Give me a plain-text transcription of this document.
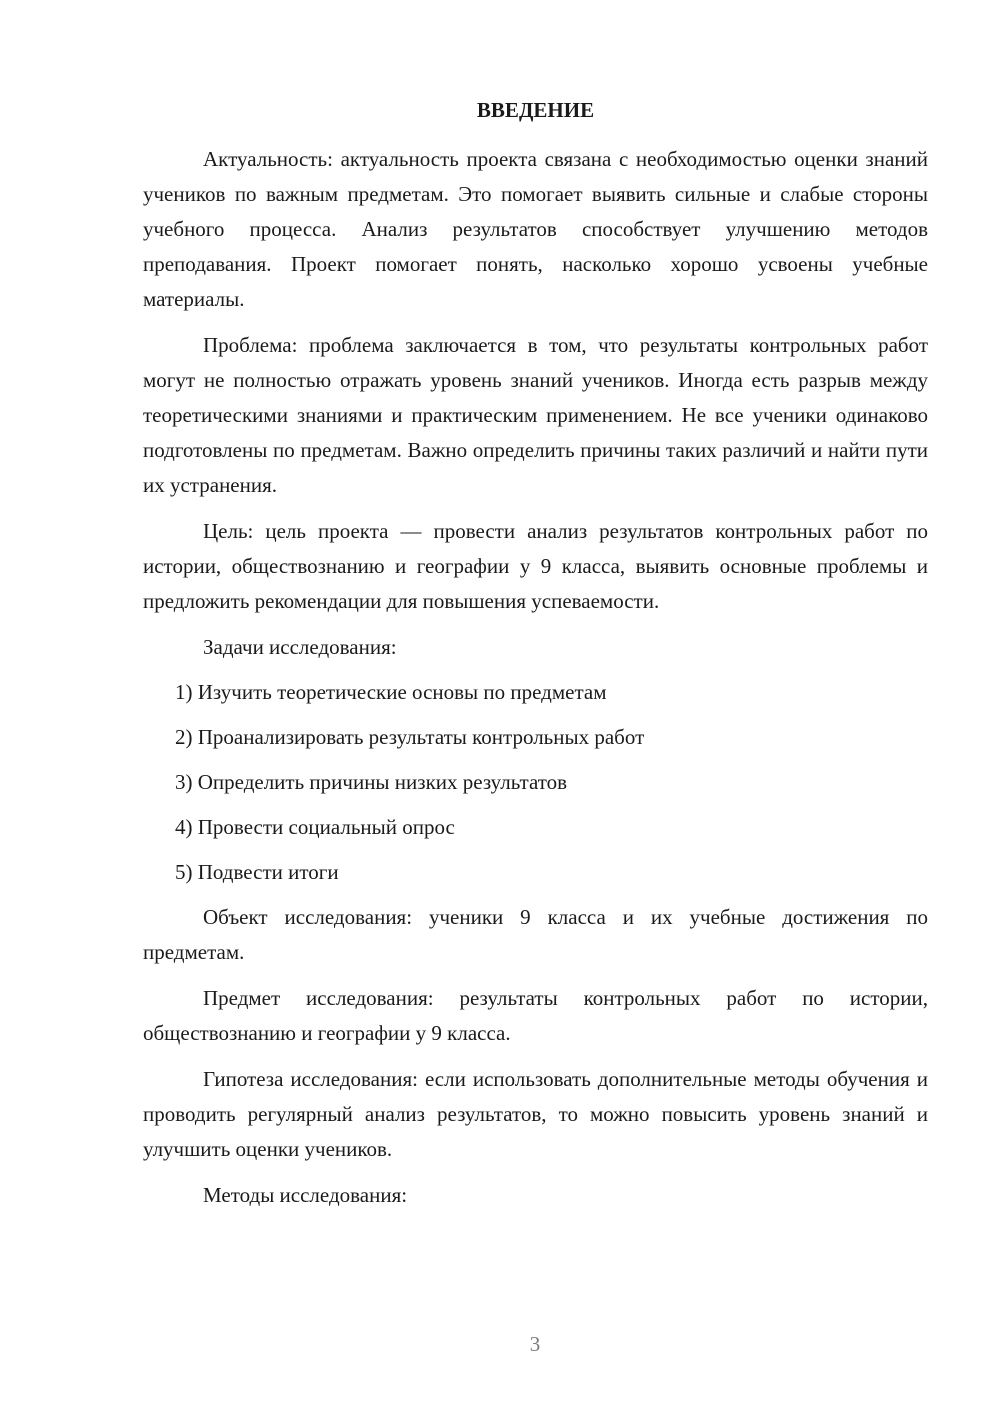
ВВЕДЕНИЕ

Актуальность: актуальность проекта связана с необходимостью оценки знаний учеников по важным предметам. Это помогает выявить сильные и слабые стороны учебного процесса. Анализ результатов способствует улучшению методов преподавания. Проект помогает понять, насколько хорошо усвоены учебные материалы.

Проблема: проблема заключается в том, что результаты контрольных работ могут не полностью отражать уровень знаний учеников. Иногда есть разрыв между теоретическими знаниями и практическим применением. Не все ученики одинаково подготовлены по предметам. Важно определить причины таких различий и найти пути их устранения.

Цель: цель проекта — провести анализ результатов контрольных работ по истории, обществознанию и географии у 9 класса, выявить основные проблемы и предложить рекомендации для повышения успеваемости.

Задачи исследования:

1) Изучить теоретические основы по предметам
2) Проанализировать результаты контрольных работ
3) Определить причины низких результатов
4) Провести социальный опрос
5) Подвести итоги

Объект исследования: ученики 9 класса и их учебные достижения по предметам.

Предмет исследования: результаты контрольных работ по истории, обществознанию и географии у 9 класса.

Гипотеза исследования: если использовать дополнительные методы обучения и проводить регулярный анализ результатов, то можно повысить уровень знаний и улучшить оценки учеников.

Методы исследования:

3
